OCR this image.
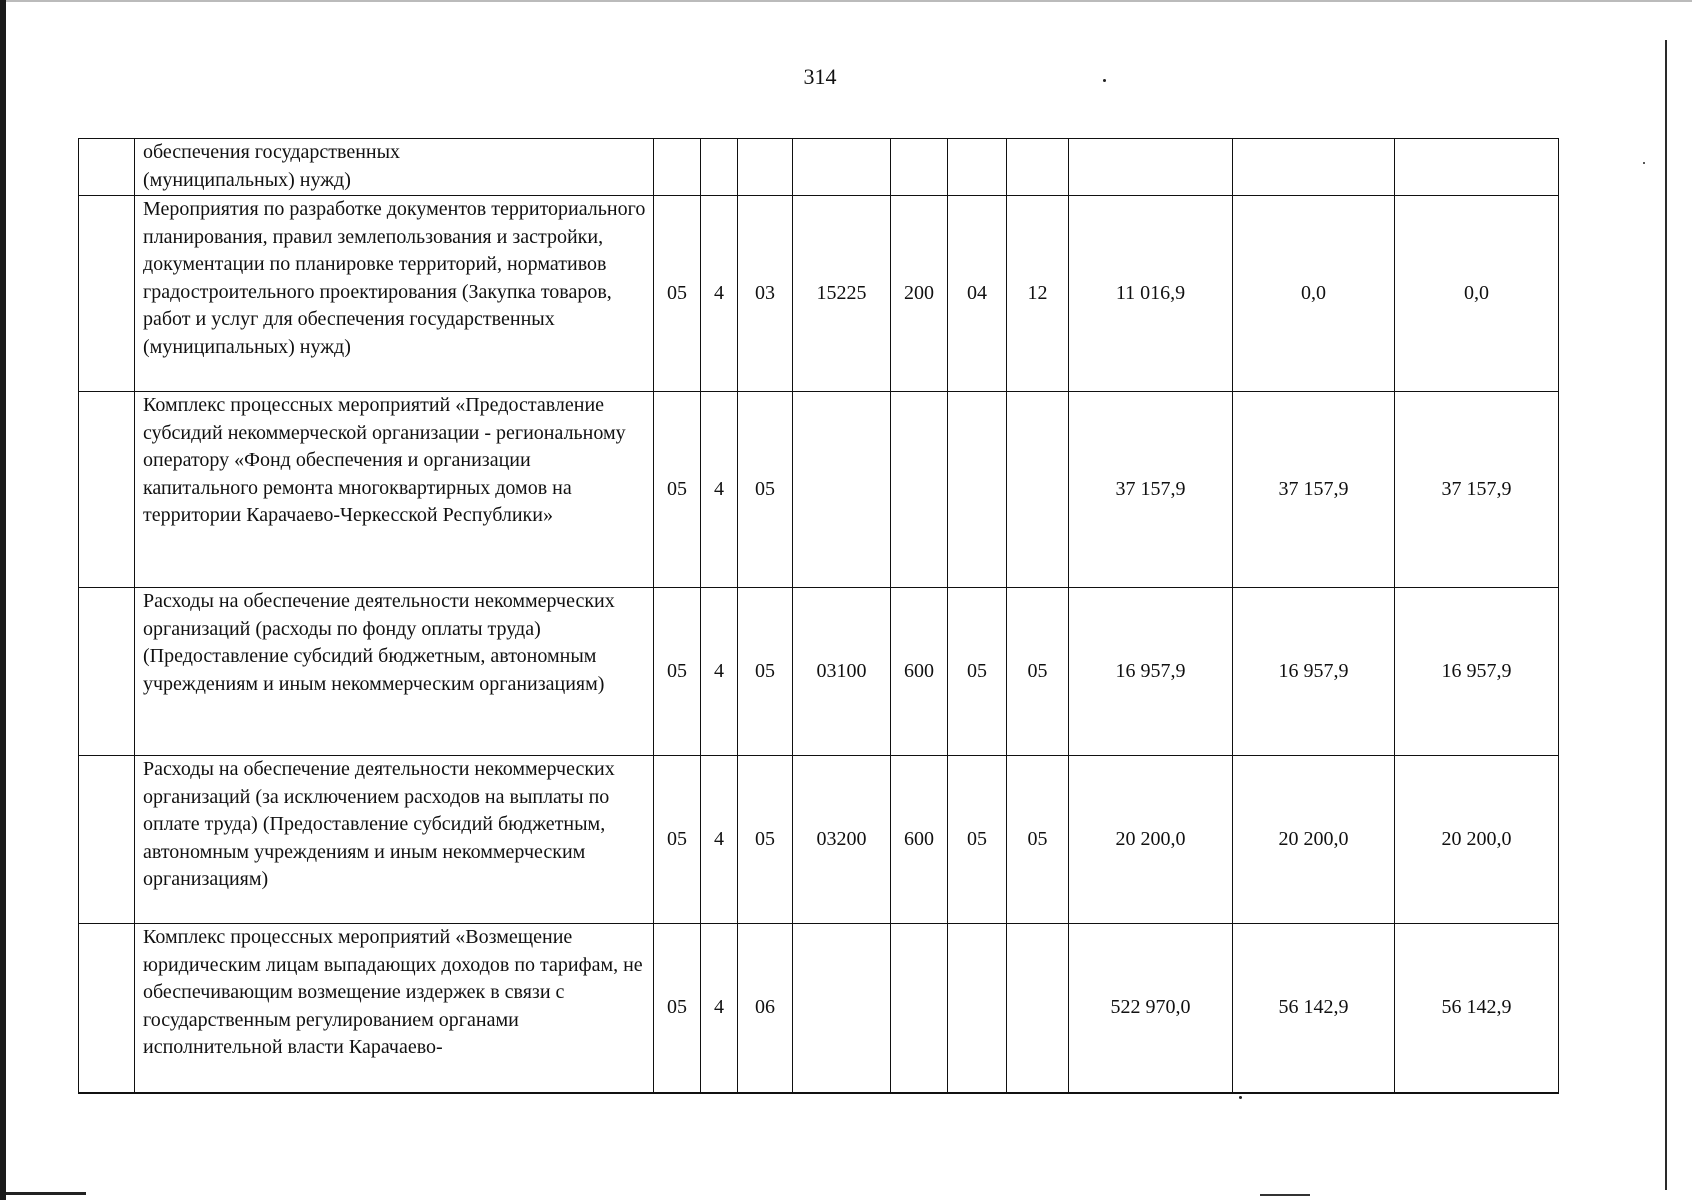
314
	обеспечения государственных
(муниципальных) нужд)										
	Мероприятия по разработке документов территориального планирования, правил землепользования и застройки, документации по планировке территорий, нормативов градостроительного проектирования (Закупка товаров, работ и услуг для обеспечения государственных (муниципальных) нужд)	05	4	03	15225	200	04	12	11 016,9	0,0	0,0
	Комплекс процессных мероприятий «Предоставление субсидий некоммерческой организации - региональному оператору «Фонд обеспечения и организации капитального ремонта многоквартирных домов на территории Карачаево-Черкесской Республики»	05	4	05					37 157,9	37 157,9	37 157,9
	Расходы на обеспечение деятельности некоммерческих организаций (расходы по фонду оплаты труда) (Предоставление субсидий бюджетным, автономным учреждениям и иным некоммерческим организациям)	05	4	05	03100	600	05	05	16 957,9	16 957,9	16 957,9
	Расходы на обеспечение деятельности некоммерческих организаций (за исключением расходов на выплаты по оплате труда) (Предоставление субсидий бюджетным, автономным учреждениям и иным некоммерческим организациям)	05	4	05	03200	600	05	05	20 200,0	20 200,0	20 200,0
	Комплекс процессных мероприятий «Возмещение юридическим лицам выпадающих доходов по тарифам, не обеспечивающим возмещение издержек в связи с государственным регулированием органами исполнительной власти Карачаево-	05	4	06					522 970,0	56 142,9	56 142,9
